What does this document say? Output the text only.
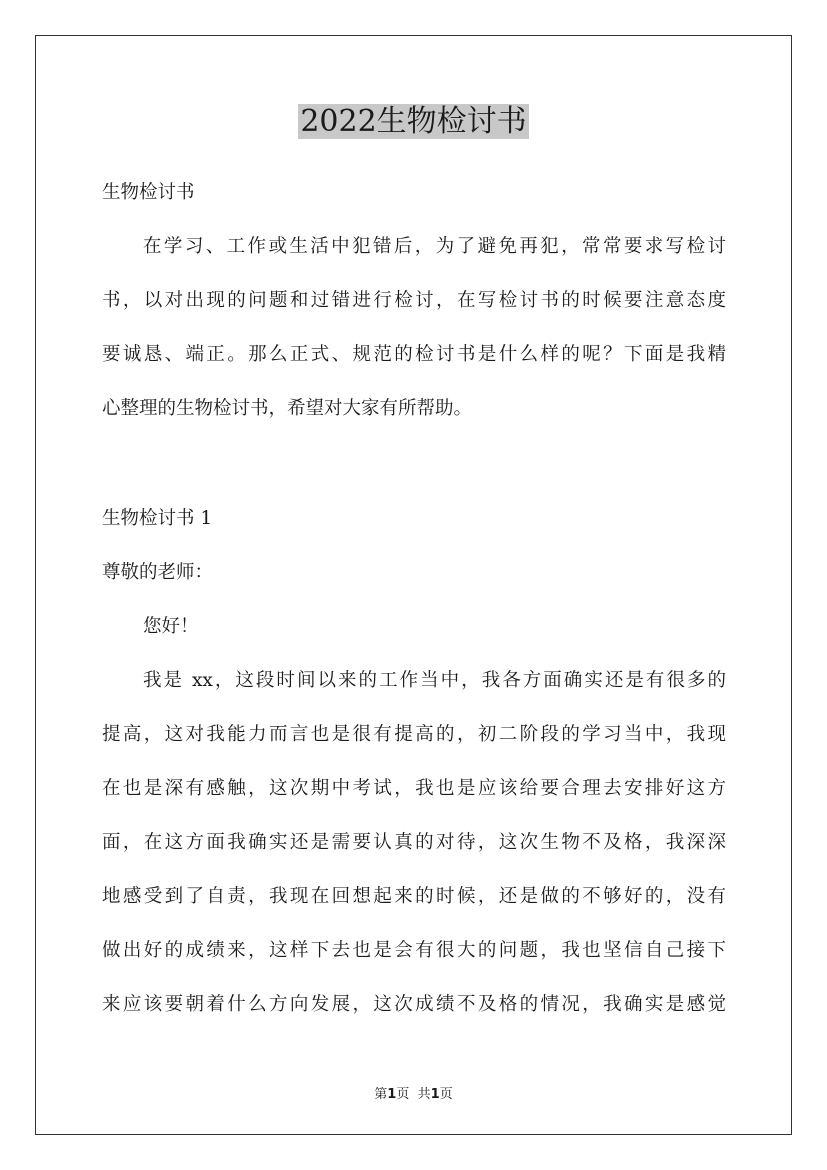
2022生物检讨书

生物检讨书

在学习、工作或生活中犯错后，为了避免再犯，常常要求写检讨
书，以对出现的问题和过错进行检讨，在写检讨书的时候要注意态度
要诚恳、端正。那么正式、规范的检讨书是什么样的呢？下面是我精
心整理的生物检讨书，希望对大家有所帮助。

生物检讨书 1

尊敬的老师：

您好！

我是 xx，这段时间以来的工作当中，我各方面确实还是有很多的
提高，这对我能力而言也是很有提高的，初二阶段的学习当中，我现
在也是深有感触，这次期中考试，我也是应该给要合理去安排好这方
面，在这方面我确实还是需要认真的对待，这次生物不及格，我深深
地感受到了自责，我现在回想起来的时候，还是做的不够好的，没有
做出好的成绩来，这样下去也是会有很大的问题，我也坚信自己接下
来应该要朝着什么方向发展，这次成绩不及格的情况，我确实是感觉
第1页 共1页
